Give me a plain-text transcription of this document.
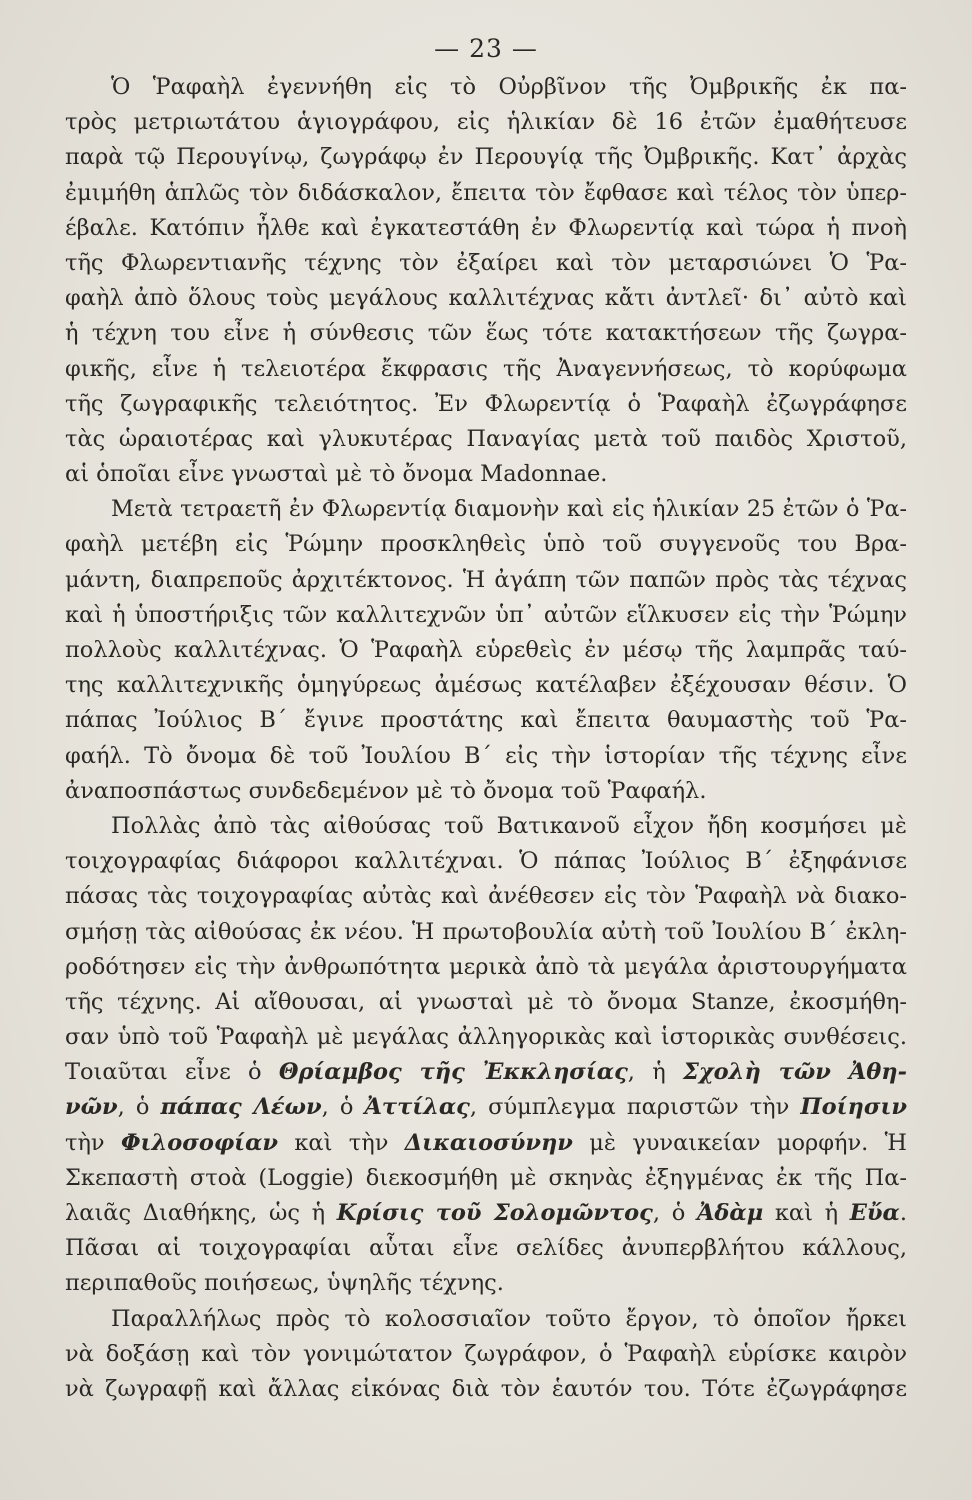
— 23 —
Ὁ Ῥαφαὴλ ἐγεννήθη εἰς τὸ Οὐρβῖνον τῆς Ὀμβρικῆς ἐκ πα-
τρὸς μετριωτάτου ἁγιογράφου, εἰς ἡλικίαν δὲ 16 ἐτῶν ἐμαθήτευσε
παρὰ τῷ Περουγίνῳ, ζωγράφῳ ἐν Περουγίᾳ τῆς Ὀμβρικῆς. Κατ᾽ ἀρχὰς
ἐμιμήθη ἁπλῶς τὸν διδάσκαλον, ἔπειτα τὸν ἔφθασε καὶ τέλος τὸν ὑπερ-
έβαλε. Κατόπιν ἦλθε καὶ ἐγκατεστάθη ἐν Φλωρεντίᾳ καὶ τώρα ἡ πνοὴ
τῆς Φλωρεντιανῆς τέχνης τὸν ἐξαίρει καὶ τὸν μεταρσιώνει Ὁ Ῥα-
φαὴλ ἀπὸ ὅλους τοὺς μεγάλους καλλιτέχνας κἄτι ἀντλεῖ· δι᾽ αὐτὸ καὶ
ἡ τέχνη του εἶνε ἡ σύνθεσις τῶν ἕως τότε κατακτήσεων τῆς ζωγρα-
φικῆς, εἶνε ἡ τελειοτέρα ἔκφρασις τῆς Ἀναγεννήσεως, τὸ κορύφωμα
τῆς ζωγραφικῆς τελειότητος. Ἐν Φλωρεντίᾳ ὁ Ῥαφαὴλ ἐζωγράφησε
τὰς ὡραιοτέρας καὶ γλυκυτέρας Παναγίας μετὰ τοῦ παιδὸς Χριστοῦ,
αἱ ὁποῖαι εἶνε γνωσταὶ μὲ τὸ ὄνομα Madonnae.
Μετὰ τετραετῆ ἐν Φλωρεντίᾳ διαμονὴν καὶ εἰς ἡλικίαν 25 ἐτῶν ὁ Ῥα-
φαὴλ μετέβη εἰς Ῥώμην προσκληθεὶς ὑπὸ τοῦ συγγενοῦς του Βρα-
μάντη, διαπρεποῦς ἀρχιτέκτονος. Ἡ ἀγάπη τῶν παπῶν πρὸς τὰς τέχνας
καὶ ἡ ὑποστήριξις τῶν καλλιτεχνῶν ὑπ᾽ αὐτῶν εἵλκυσεν εἰς τὴν Ῥώμην
πολλοὺς καλλιτέχνας. Ὁ Ῥαφαὴλ εὑρεθεὶς ἐν μέσῳ τῆς λαμπρᾶς ταύ-
της καλλιτεχνικῆς ὁμηγύρεως ἀμέσως κατέλαβεν ἐξέχουσαν θέσιν. Ὁ
πάπας Ἰούλιος Β΄ ἔγινε προστάτης καὶ ἔπειτα θαυμαστὴς τοῦ Ῥα-
φαήλ. Τὸ ὄνομα δὲ τοῦ Ἰουλίου Β΄ εἰς τὴν ἱστορίαν τῆς τέχνης εἶνε
ἀναποσπάστως συνδεδεμένον μὲ τὸ ὄνομα τοῦ Ῥαφαήλ.
Πολλὰς ἀπὸ τὰς αἰθούσας τοῦ Βατικανοῦ εἶχον ἤδη κοσμήσει μὲ
τοιχογραφίας διάφοροι καλλιτέχναι. Ὁ πάπας Ἰούλιος Β΄ ἐξηφάνισε
πάσας τὰς τοιχογραφίας αὐτὰς καὶ ἀνέθεσεν εἰς τὸν Ῥαφαὴλ νὰ διακο-
σμήσῃ τὰς αἰθούσας ἐκ νέου. Ἡ πρωτοβουλία αὐτὴ τοῦ Ἰουλίου Β΄ ἐκλη-
ροδότησεν εἰς τὴν ἀνθρωπότητα μερικὰ ἀπὸ τὰ μεγάλα ἀριστουργήματα
τῆς τέχνης. Αἱ αἴθουσαι, αἱ γνωσταὶ μὲ τὸ ὄνομα Stanze, ἐκοσμήθη-
σαν ὑπὸ τοῦ Ῥαφαὴλ μὲ μεγάλας ἀλληγορικὰς καὶ ἱστορικὰς συνθέσεις.
Τοιαῦται εἶνε ὁ Θρίαμβος τῆς Ἐκκλησίας, ἡ Σχολὴ τῶν Ἀθη-
νῶν, ὁ πάπας Λέων, ὁ Ἀττίλας, σύμπλεγμα παριστῶν τὴν Ποίησιν
τὴν Φιλοσοφίαν καὶ τὴν Δικαιοσύνην μὲ γυναικείαν μορφήν. Ἡ
Σκεπαστὴ στοὰ (Loggie) διεκοσμήθη μὲ σκηνὰς ἐξηγμένας ἐκ τῆς Πα-
λαιᾶς Διαθήκης, ὡς ἡ Κρίσις τοῦ Σολομῶντος, ὁ Ἀδὰμ καὶ ἡ Εὔα.
Πᾶσαι αἱ τοιχογραφίαι αὗται εἶνε σελίδες ἀνυπερβλήτου κάλλους,
περιπαθοῦς ποιήσεως, ὑψηλῆς τέχνης.
Παραλλήλως πρὸς τὸ κολοσσιαῖον τοῦτο ἔργον, τὸ ὁποῖον ἤρκει
νὰ δοξάσῃ καὶ τὸν γονιμώτατον ζωγράφον, ὁ Ῥαφαὴλ εὑρίσκε καιρὸν
νὰ ζωγραφῇ καὶ ἄλλας εἰκόνας διὰ τὸν ἑαυτόν του. Τότε ἐζωγράφησε
